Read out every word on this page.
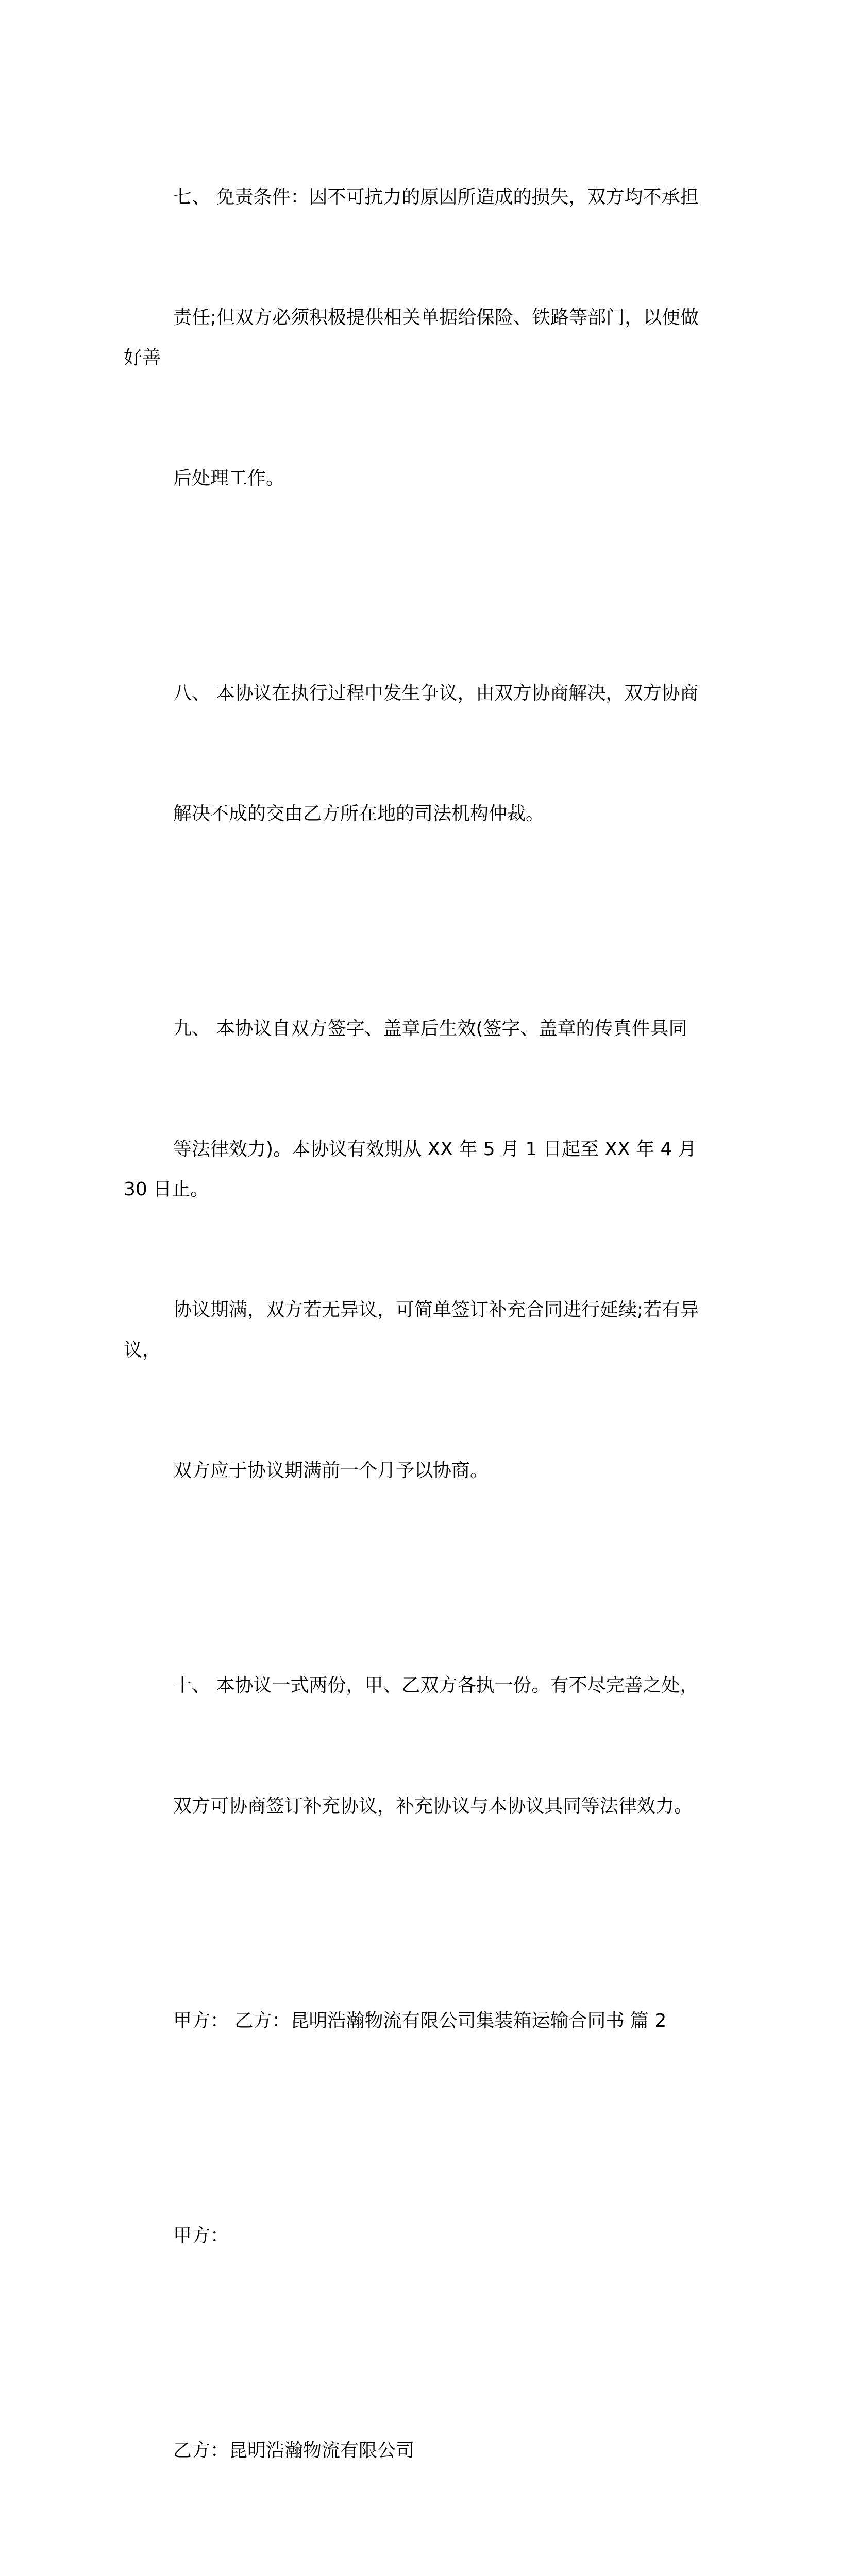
七、 免责条件：因不可抗力的原因所造成的损失，双方均不承担

责任;但双方必须积极提供相关单据给保险、铁路等部门，以便做好善

后处理工作。

八、 本协议在执行过程中发生争议，由双方协商解决，双方协商

解决不成的交由乙方所在地的司法机构仲裁。

九、 本协议自双方签字、盖章后生效(签字、盖章的传真件具同

等法律效力)。本协议有效期从 XX 年 5 月 1 日起至 XX 年 4 月 30 日止。

协议期满，双方若无异议，可简单签订补充合同进行延续;若有异议，

双方应于协议期满前一个月予以协商。

十、 本协议一式两份，甲、乙双方各执一份。有不尽完善之处，

双方可协商签订补充协议，补充协议与本协议具同等法律效力。

甲方： 乙方：昆明浩瀚物流有限公司集装箱运输合同书 篇 2

甲方：

乙方：昆明浩瀚物流有限公司
